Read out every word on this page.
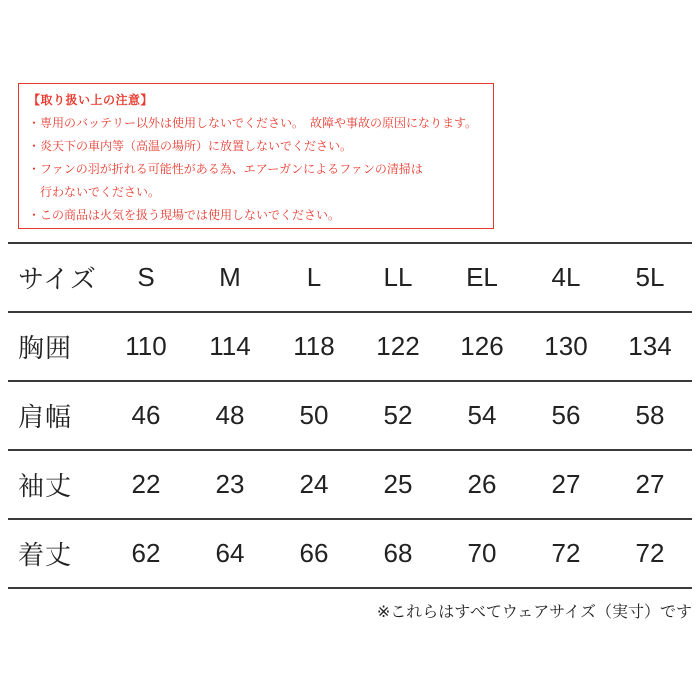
【取り扱い上の注意】
・専用のバッテリー以外は使用しないでください。　故障や事故の原因になります。
・炎天下の車内等（高温の場所）に放置しないでください。
・ファンの羽が折れる可能性がある為、エアーガンによるファンの清掃は
　行わないでください。
・この商品は火気を扱う現場では使用しないでください。
サイズ	S	M	L	LL	EL	4L	5L
胸囲	110	114	118	122	126	130	134
肩幅	46	48	50	52	54	56	58
袖丈	22	23	24	25	26	27	27
着丈	62	64	66	68	70	72	72
※これらはすべてウェアサイズ（実寸）です
